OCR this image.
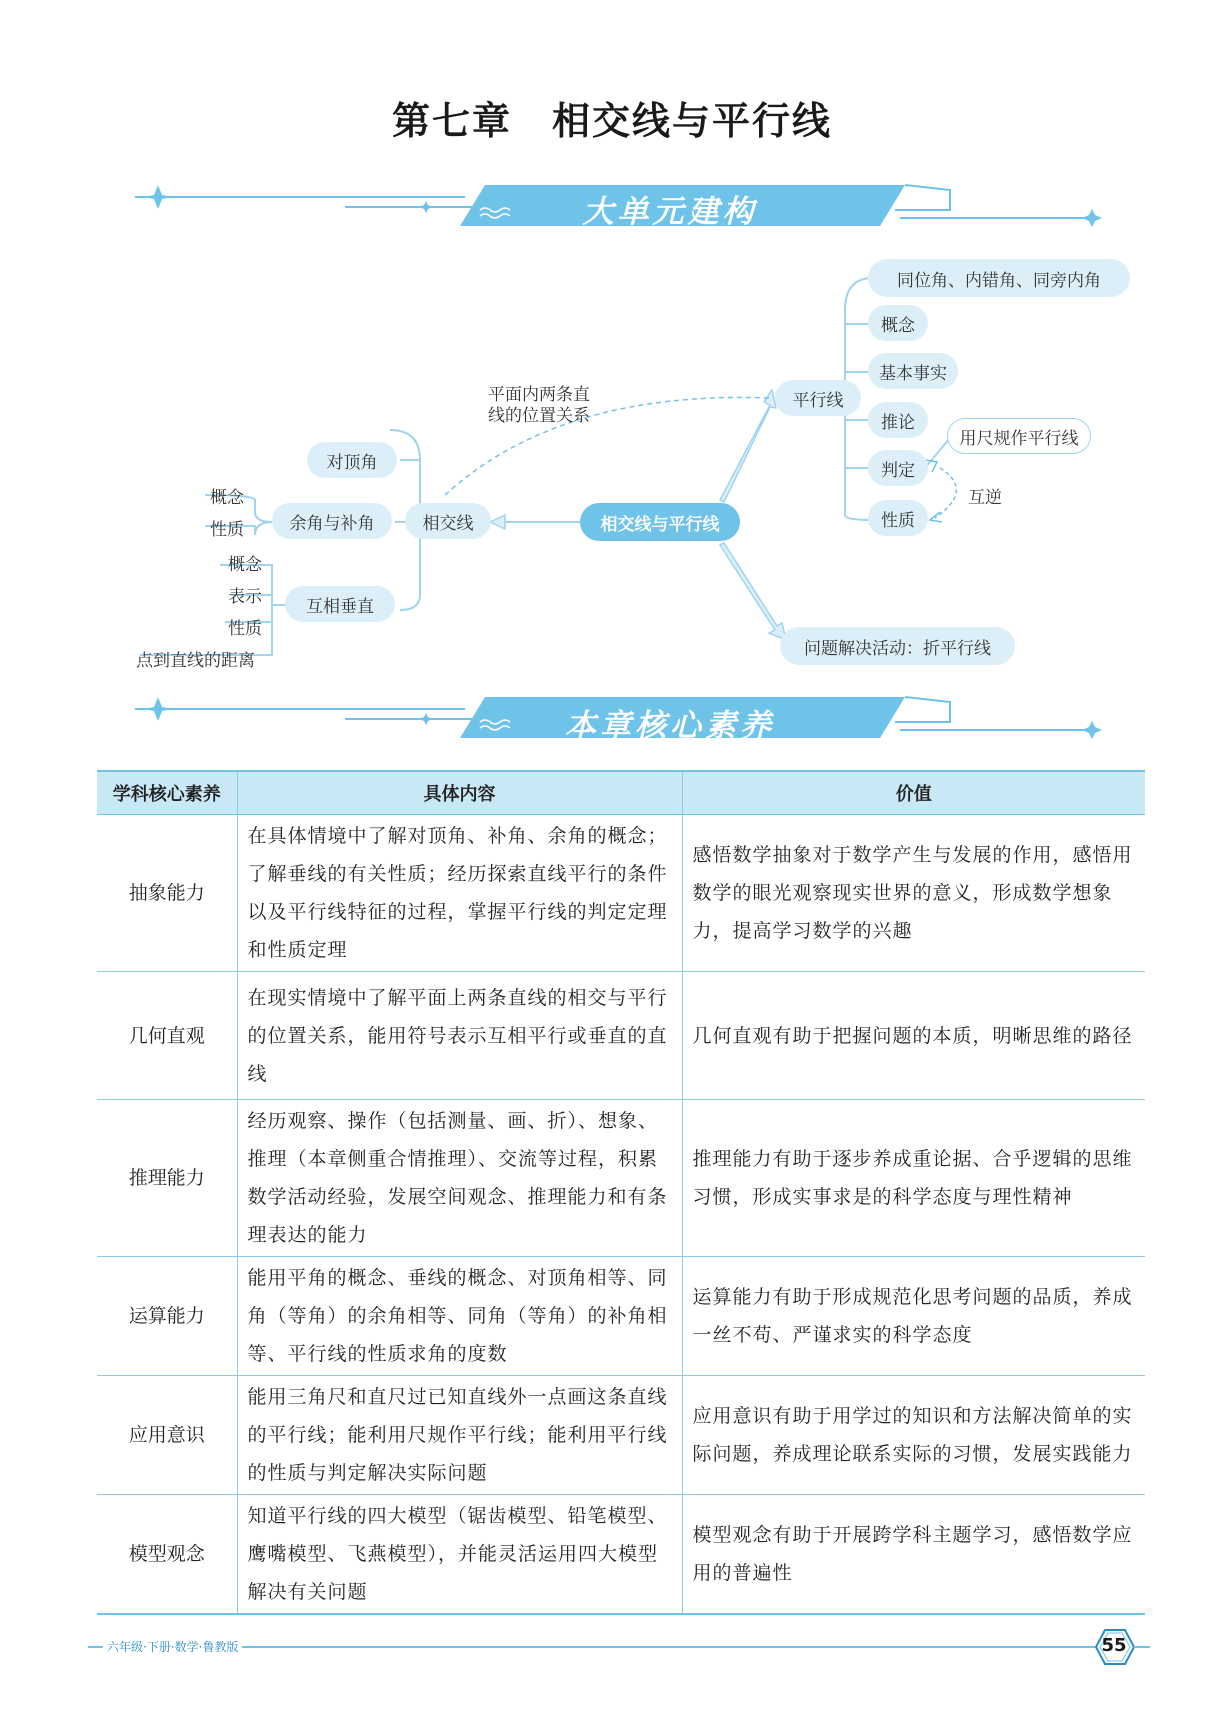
第七章　相交线与平行线
大单元建构
相交线与平行线
相交线
对顶角
余角与补角
互相垂直
概念
性质
概念
表示
性质
点到直线的距离
平面内两条直
线的位置关系
平行线
同位角、内错角、同旁内角
概念
基本事实
推论
判定
性质
用尺规作平行线
互逆
问题解决活动：折平行线
本章核心素养
学科核心素养	具体内容	价值
抽象能力	在具体情境中了解对顶角、补角、余角的概念；了解垂线的有关性质；经历探索直线平行的条件以及平行线特征的过程，掌握平行线的判定定理和性质定理	感悟数学抽象对于数学产生与发展的作用，感悟用数学的眼光观察现实世界的意义，形成数学想象力，提高学习数学的兴趣
几何直观	在现实情境中了解平面上两条直线的相交与平行的位置关系，能用符号表示互相平行或垂直的直线	几何直观有助于把握问题的本质，明晰思维的路径
推理能力	经历观察、操作（包括测量、画、折）、想象、推理（本章侧重合情推理）、交流等过程，积累数学活动经验，发展空间观念、推理能力和有条理表达的能力	推理能力有助于逐步养成重论据、合乎逻辑的思维习惯，形成实事求是的科学态度与理性精神
运算能力	能用平角的概念、垂线的概念、对顶角相等、同角（等角）的余角相等、同角（等角）的补角相等、平行线的性质求角的度数	运算能力有助于形成规范化思考问题的品质，养成一丝不苟、严谨求实的科学态度
应用意识	能用三角尺和直尺过已知直线外一点画这条直线的平行线；能利用尺规作平行线；能利用平行线的性质与判定解决实际问题	应用意识有助于用学过的知识和方法解决简单的实际问题，养成理论联系实际的习惯，发展实践能力
模型观念	知道平行线的四大模型（锯齿模型、铅笔模型、鹰嘴模型、飞燕模型），并能灵活运用四大模型解决有关问题	模型观念有助于开展跨学科主题学习，感悟数学应用的普遍性
六年级·下册·数学·鲁教版	55
